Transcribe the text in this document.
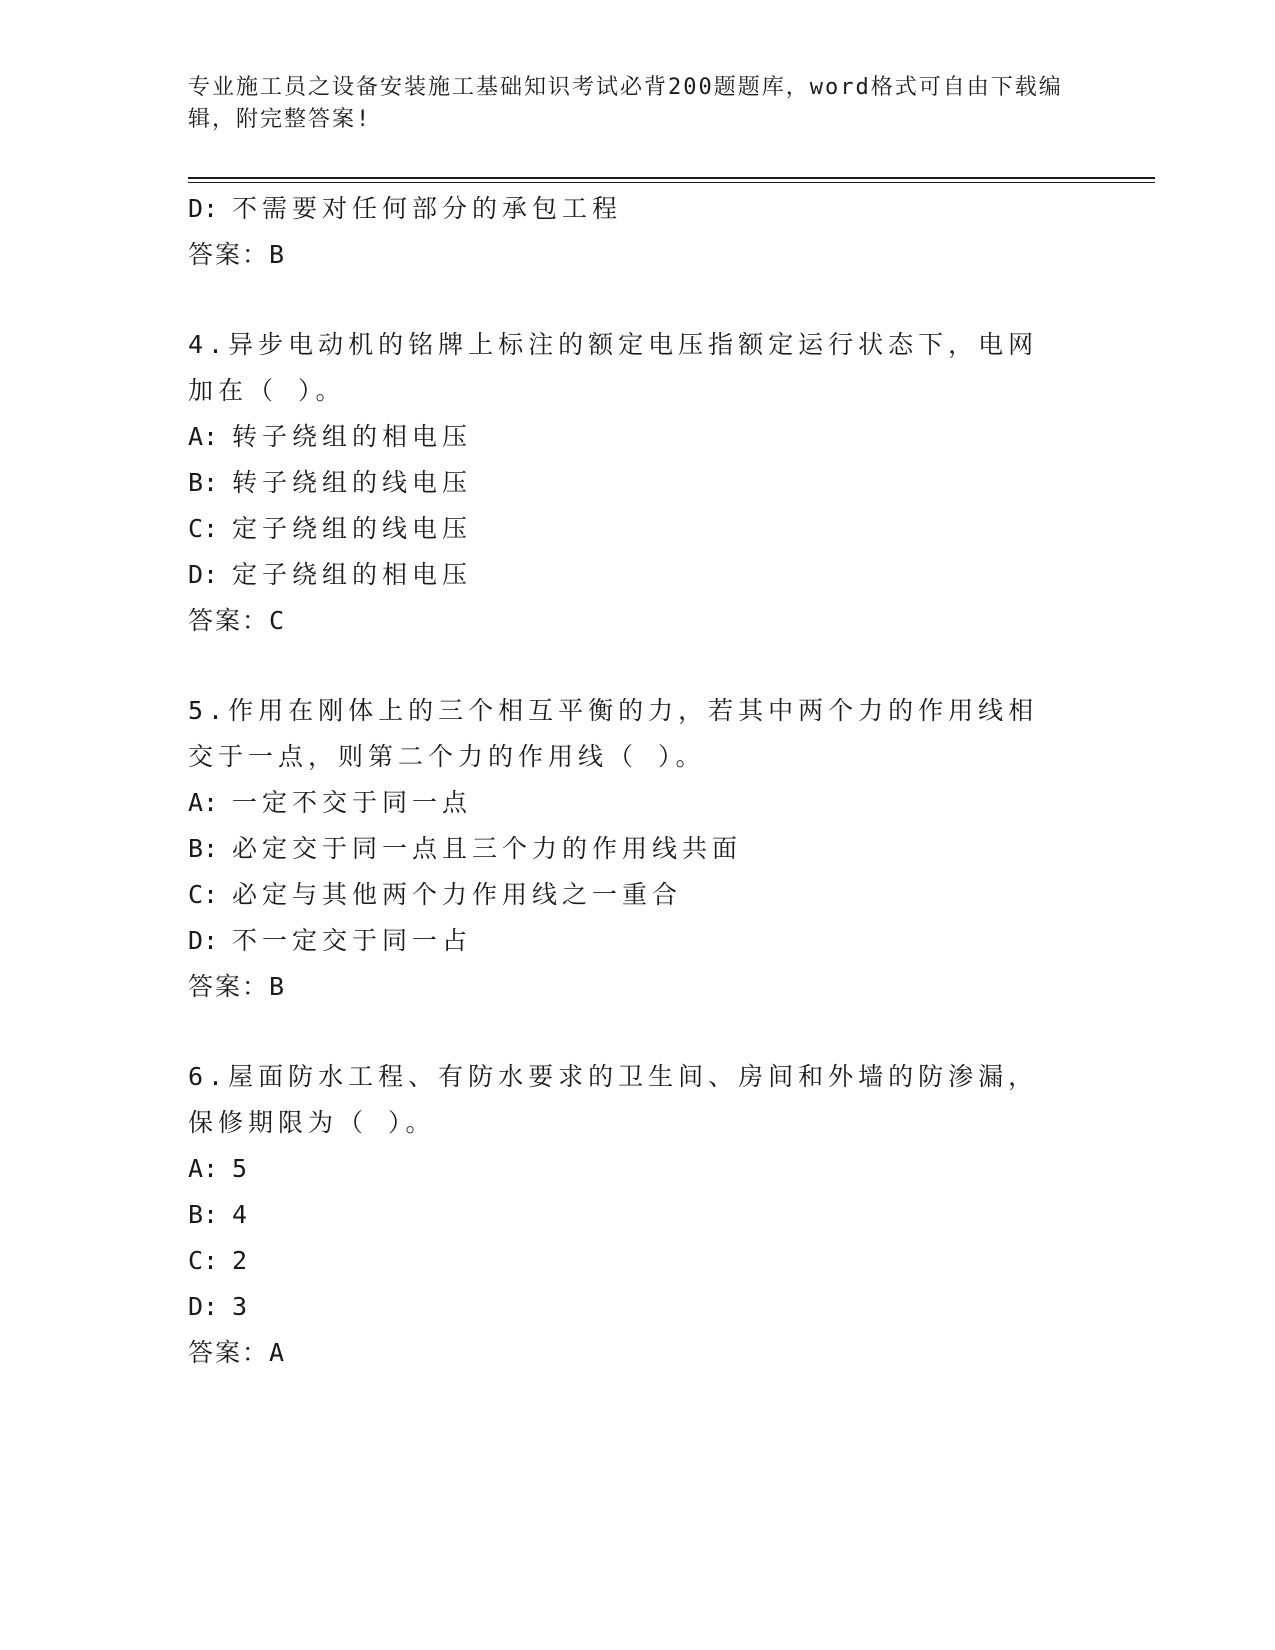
专业施工员之设备安装施工基础知识考试必背200题题库，word格式可自由下载编辑，附完整答案!
D: 不需要对任何部分的承包工程
答案：B
4.异步电动机的铭牌上标注的额定电压指额定运行状态下，电网加在（ ）。
A: 转子绕组的相电压
B: 转子绕组的线电压
C: 定子绕组的线电压
D: 定子绕组的相电压
答案：C
5.作用在刚体上的三个相互平衡的力，若其中两个力的作用线相交于一点，则第二个力的作用线（ ）。
A: 一定不交于同一点
B: 必定交于同一点且三个力的作用线共面
C: 必定与其他两个力作用线之一重合
D: 不一定交于同一占
答案：B
6.屋面防水工程、有防水要求的卫生间、房间和外墙的防渗漏，保修期限为（ ）。
A: 5
B: 4
C: 2
D: 3
答案：A
